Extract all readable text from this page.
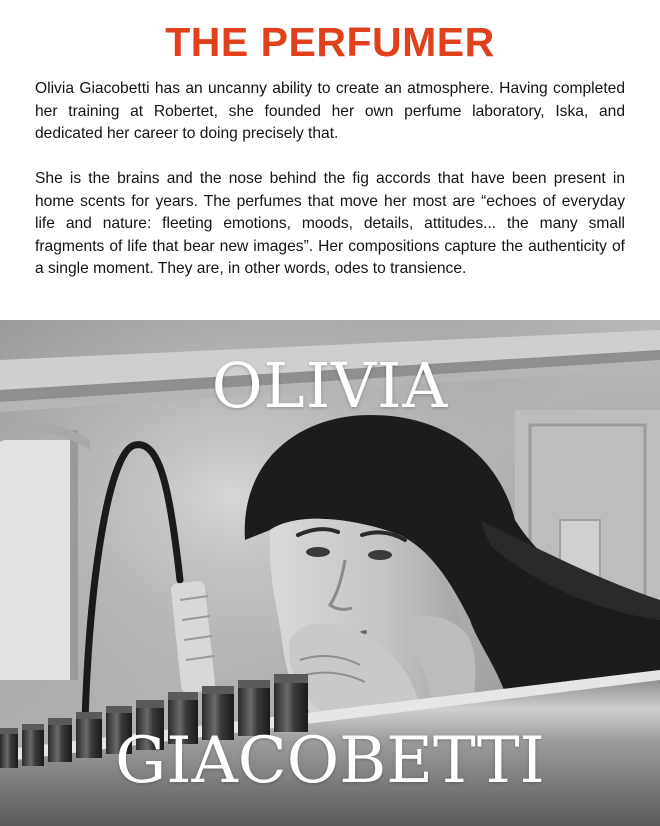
THE PERFUMER

Olivia Giacobetti has an uncanny ability to create an atmosphere. Having completed her training at Robertet, she founded her own perfume laboratory, Iska, and dedicated her career to doing precisely that.

She is the brains and the nose behind the fig accords that have been present in home scents for years. The perfumes that move her most are “echoes of everyday life and nature: fleeting emotions, moods, details, attitudes... the many small fragments of life that bear new images”. Her compositions capture the authenticity of a single moment. They are, in other words, odes to transience.

OLIVIA
GIACOBETTI
